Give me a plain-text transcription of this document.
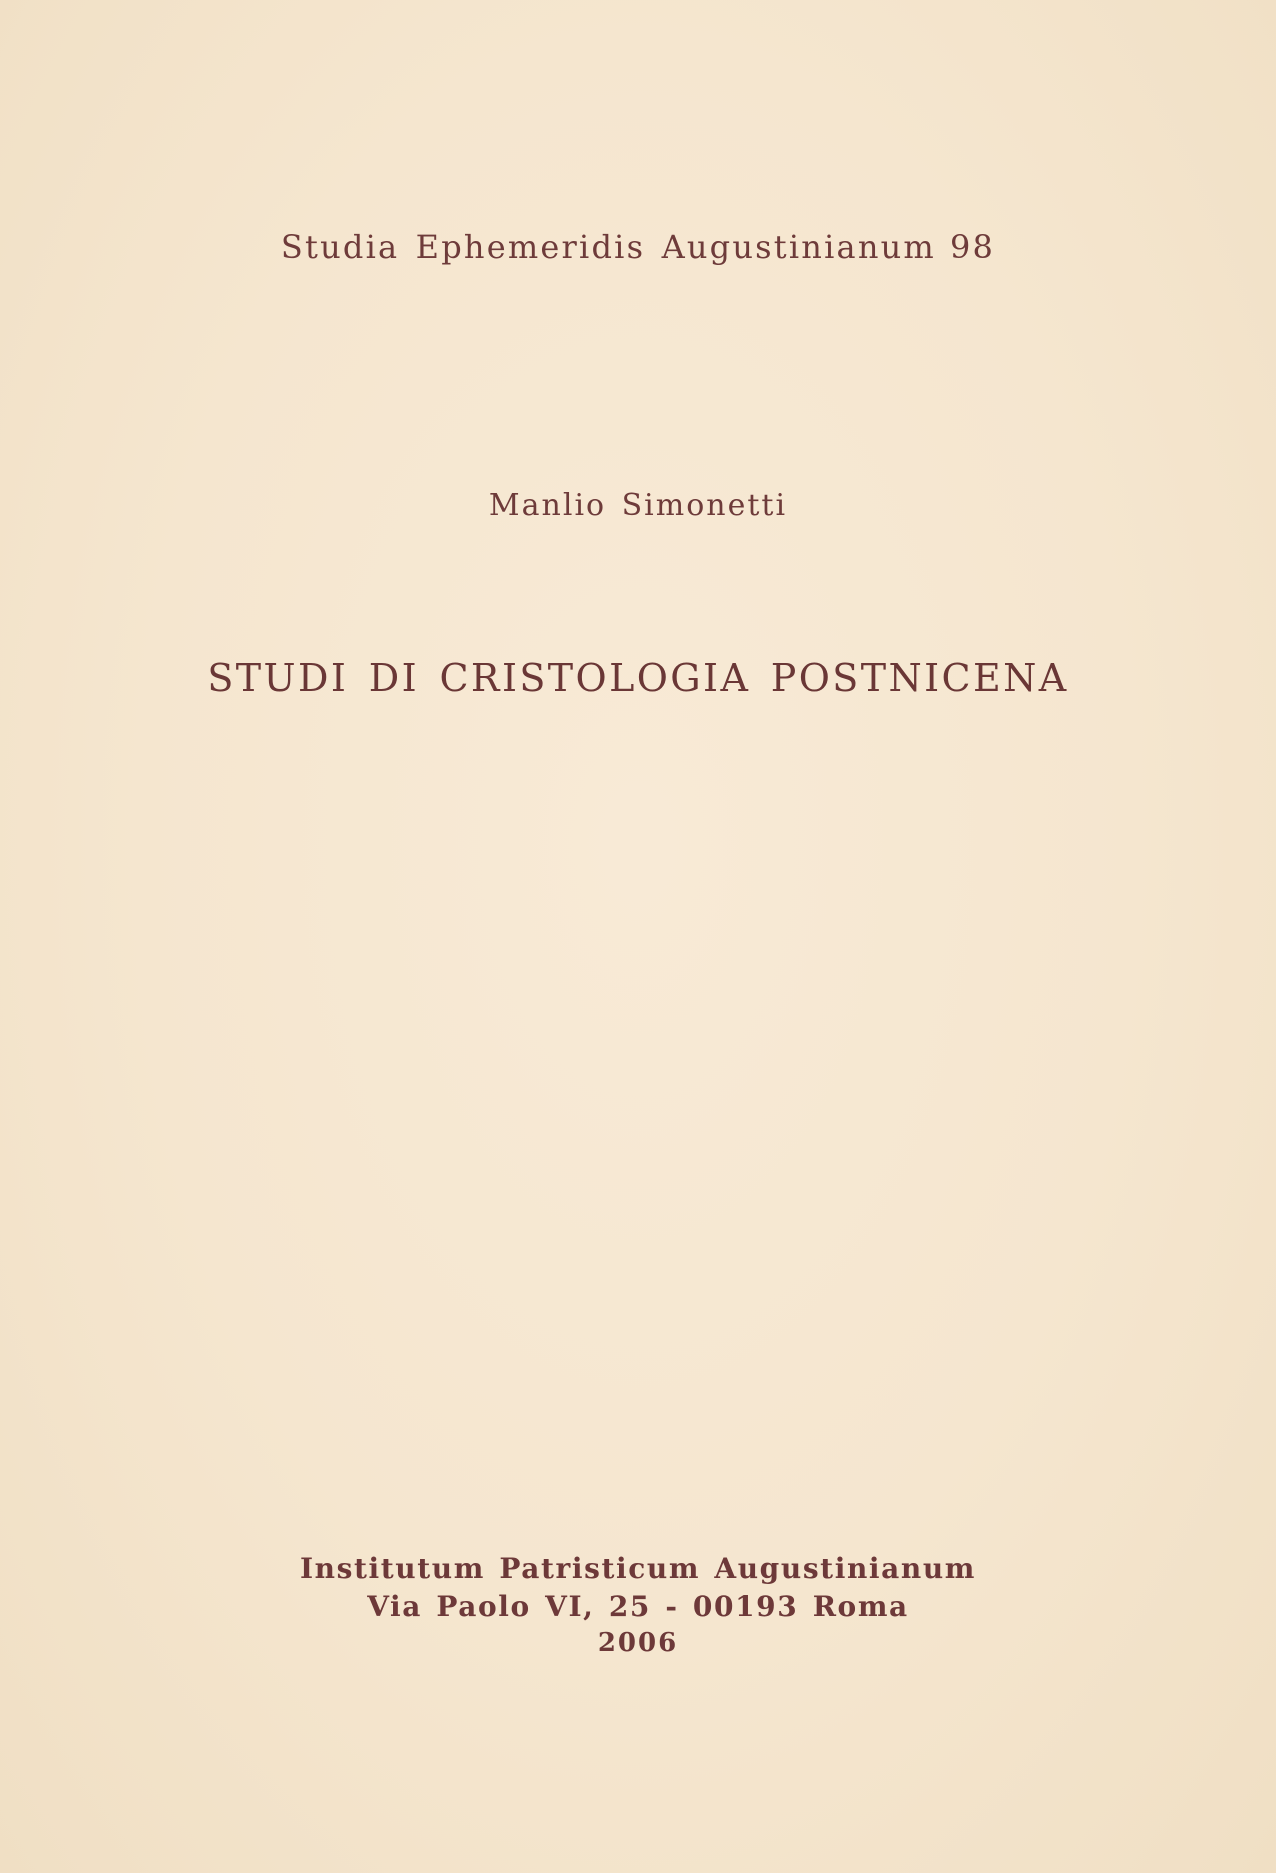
Studia Ephemeridis Augustinianum 98
Manlio Simonetti
STUDI DI CRISTOLOGIA POSTNICENA
Institutum Patristicum Augustinianum
Via Paolo VI, 25 - 00193 Roma
2006
